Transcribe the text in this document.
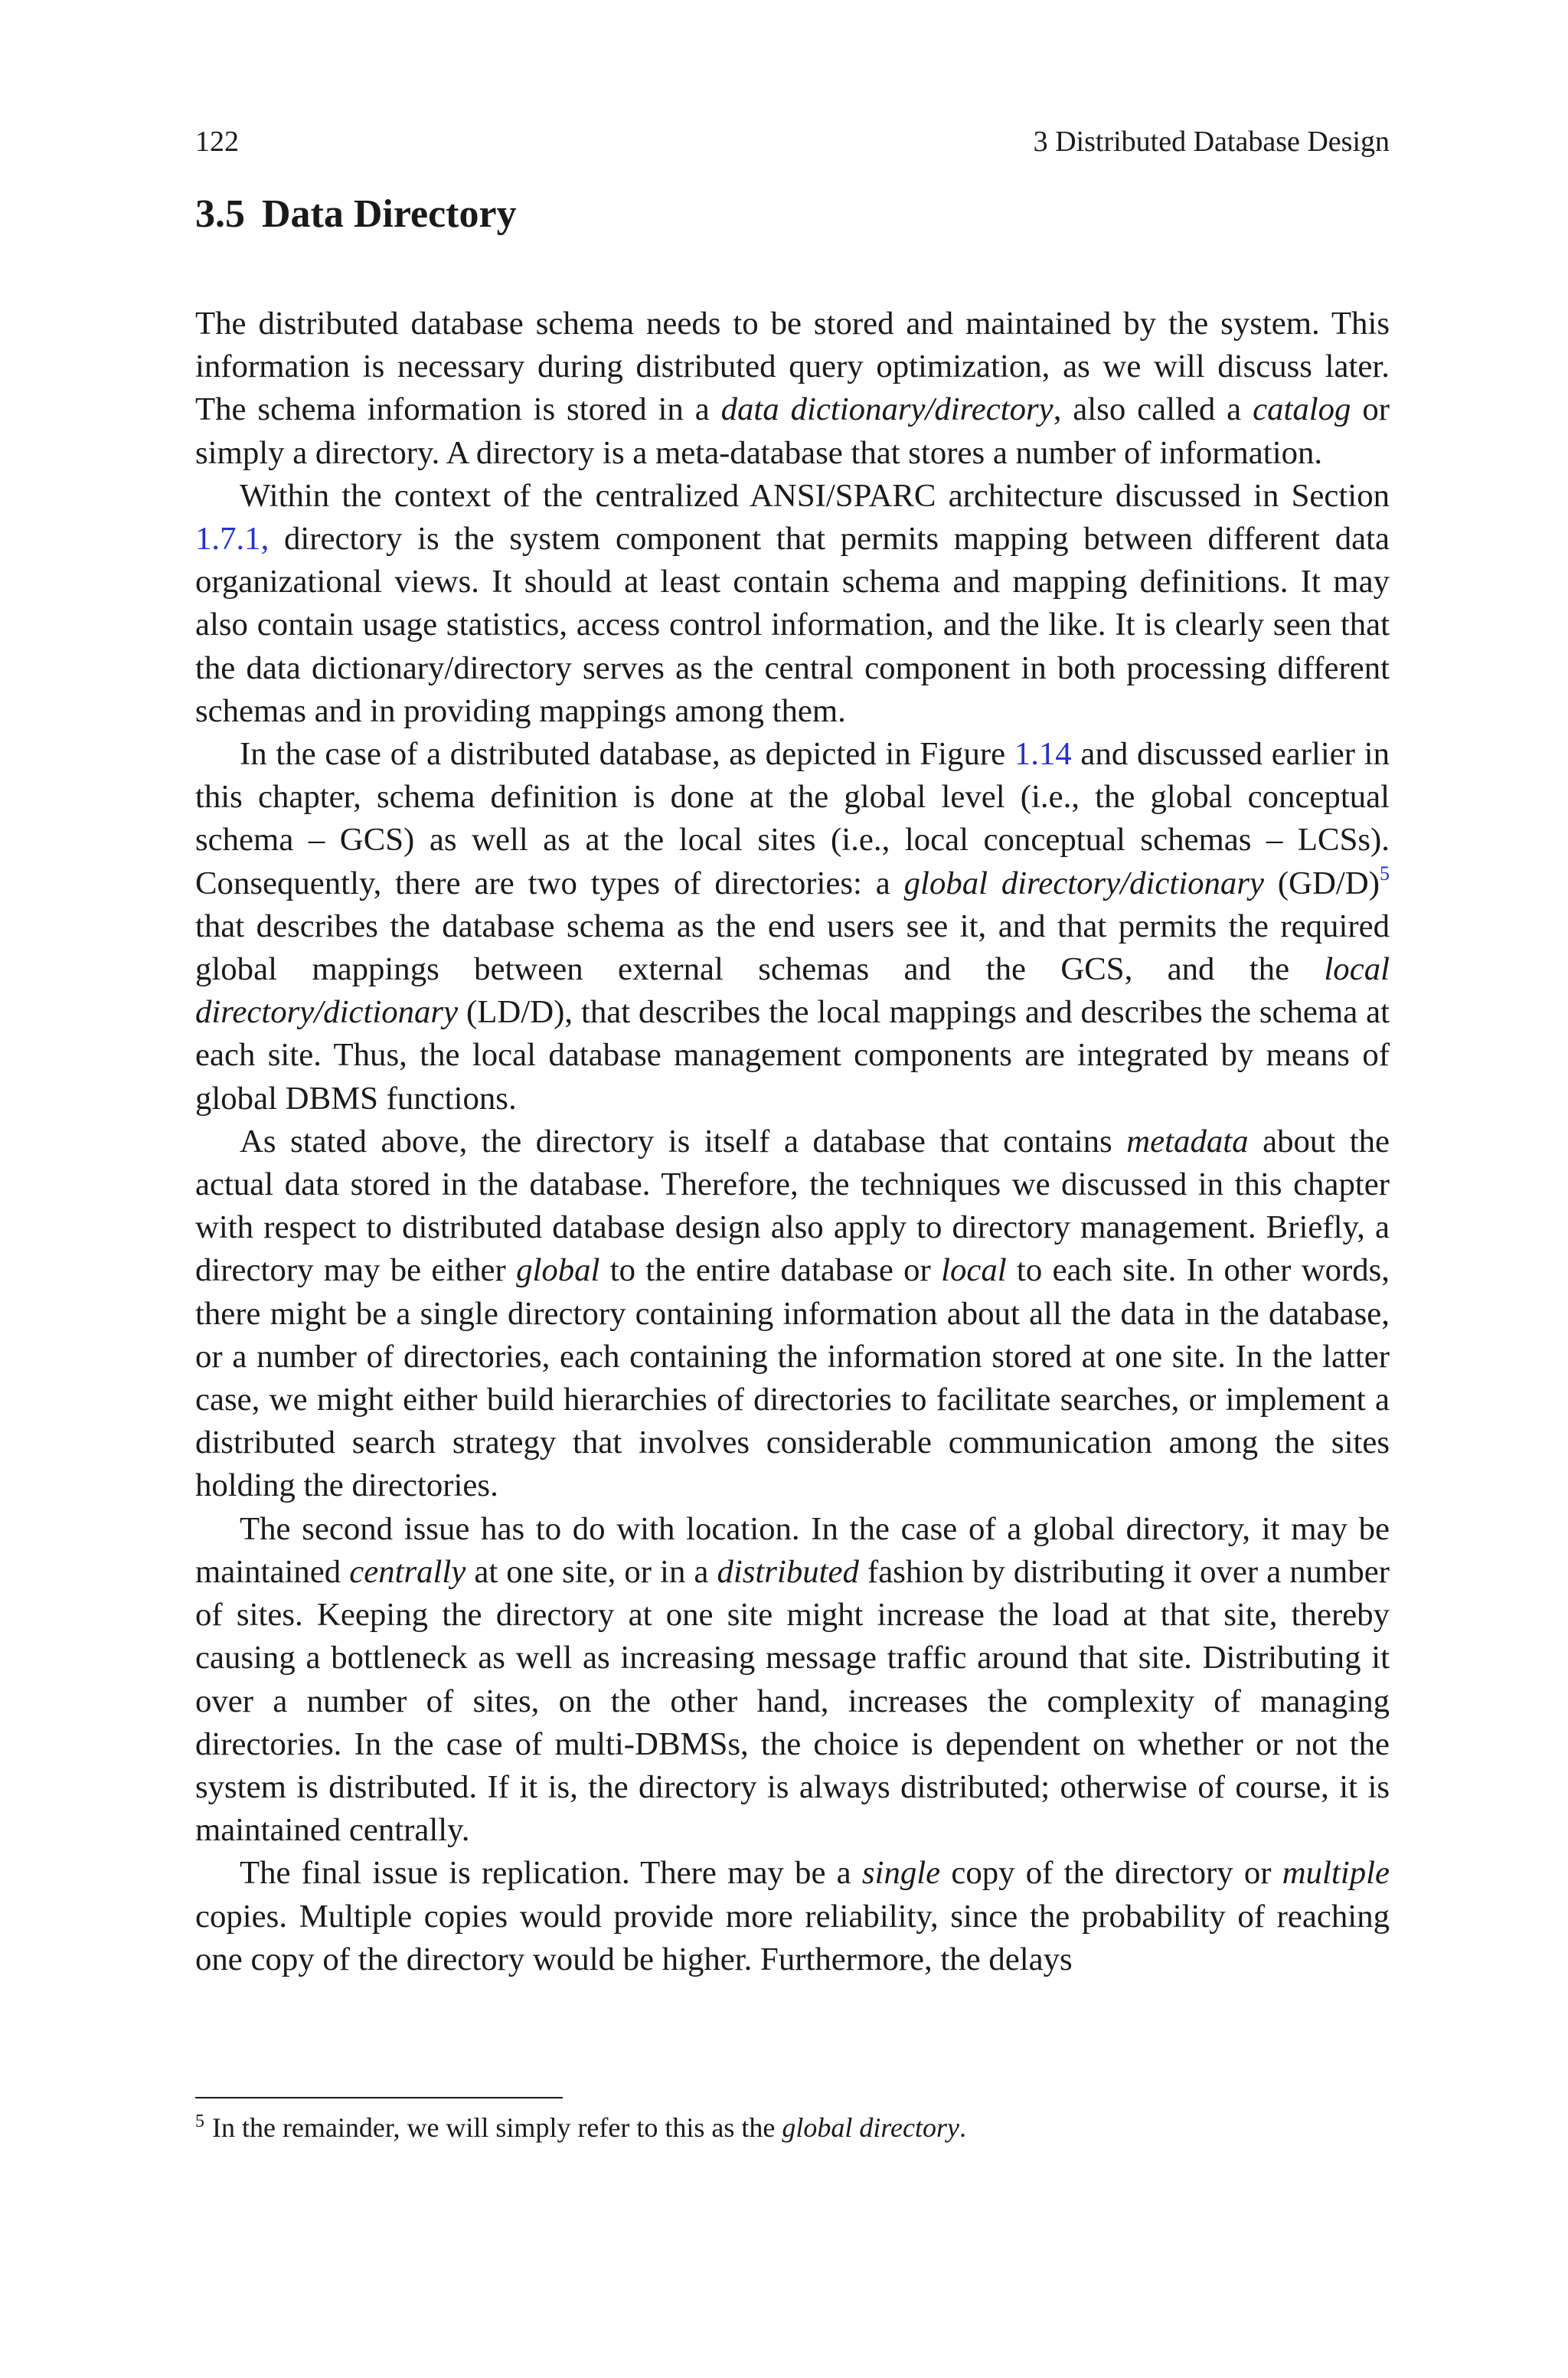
122	3 Distributed Database Design
3.5 Data Directory

The distributed database schema needs to be stored and maintained by the system. This information is necessary during distributed query optimization, as we will discuss later. The schema information is stored in a data dictionary/directory, also called a catalog or simply a directory. A directory is a meta-database that stores a number of information.

Within the context of the centralized ANSI/SPARC architecture discussed in Section 1.7.1, directory is the system component that permits mapping between different data organizational views. It should at least contain schema and mapping definitions. It may also contain usage statistics, access control information, and the like. It is clearly seen that the data dictionary/directory serves as the central component in both processing different schemas and in providing mappings among them.

In the case of a distributed database, as depicted in Figure 1.14 and discussed earlier in this chapter, schema definition is done at the global level (i.e., the global conceptual schema – GCS) as well as at the local sites (i.e., local conceptual schemas – LCSs). Consequently, there are two types of directories: a global directory/dictionary (GD/D)$^5$ that describes the database schema as the end users see it, and that permits the required global mappings between external schemas and the GCS, and the local directory/dictionary (LD/D), that describes the local mappings and describes the schema at each site. Thus, the local database management components are integrated by means of global DBMS functions.

As stated above, the directory is itself a database that contains metadata about the actual data stored in the database. Therefore, the techniques we discussed in this chapter with respect to distributed database design also apply to directory management. Briefly, a directory may be either global to the entire database or local to each site. In other words, there might be a single directory containing information about all the data in the database, or a number of directories, each containing the information stored at one site. In the latter case, we might either build hierarchies of directories to facilitate searches, or implement a distributed search strategy that involves considerable communication among the sites holding the directories.

The second issue has to do with location. In the case of a global directory, it may be maintained centrally at one site, or in a distributed fashion by distributing it over a number of sites. Keeping the directory at one site might increase the load at that site, thereby causing a bottleneck as well as increasing message traffic around that site. Distributing it over a number of sites, on the other hand, increases the complexity of managing directories. In the case of multi-DBMSs, the choice is dependent on whether or not the system is distributed. If it is, the directory is always distributed; otherwise of course, it is maintained centrally.

The final issue is replication. There may be a single copy of the directory or multiple copies. Multiple copies would provide more reliability, since the probability of reaching one copy of the directory would be higher. Furthermore, the delays

$^5$ In the remainder, we will simply refer to this as the global directory.
